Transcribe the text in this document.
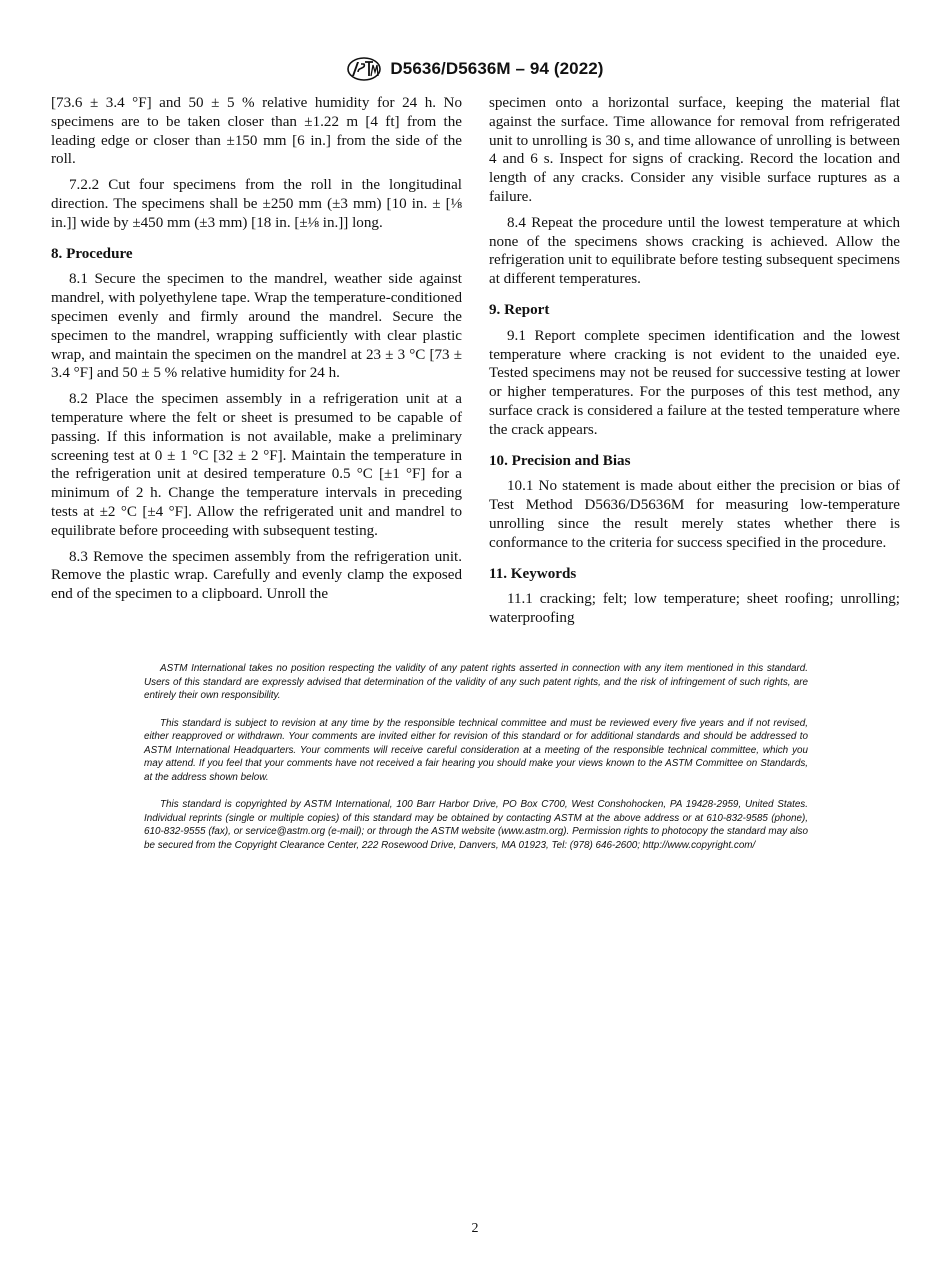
D5636/D5636M – 94 (2022)

[73.6 ± 3.4 °F] and 50 ± 5 % relative humidity for 24 h. No specimens are to be taken closer than ±1.22 m [4 ft] from the leading edge or closer than ±150 mm [6 in.] from the side of the roll.

7.2.2 Cut four specimens from the roll in the longitudinal direction. The specimens shall be ±250 mm (±3 mm) [10 in. ± [⅛ in.]] wide by ±450 mm (±3 mm) [18 in. [±⅛ in.]] long.

8. Procedure

8.1 Secure the specimen to the mandrel, weather side against mandrel, with polyethylene tape. Wrap the temperature-conditioned specimen evenly and firmly around the mandrel. Secure the specimen to the mandrel, wrapping sufficiently with clear plastic wrap, and maintain the specimen on the mandrel at 23 ± 3 °C [73 ± 3.4 °F] and 50 ± 5 % relative humidity for 24 h.

8.2 Place the specimen assembly in a refrigeration unit at a temperature where the felt or sheet is presumed to be capable of passing. If this information is not available, make a preliminary screening test at 0 ± 1 °C [32 ± 2 °F]. Maintain the temperature in the refrigeration unit at desired temperature 0.5 °C [±1 °F] for a minimum of 2 h. Change the temperature intervals in preceding tests at ±2 °C [±4 °F]. Allow the refrigerated unit and mandrel to equilibrate before proceeding with subsequent testing.

8.3 Remove the specimen assembly from the refrigeration unit. Remove the plastic wrap. Carefully and evenly clamp the exposed end of the specimen to a clipboard. Unroll the

specimen onto a horizontal surface, keeping the material flat against the surface. Time allowance for removal from refrigerated unit to unrolling is 30 s, and time allowance of unrolling is between 4 and 6 s. Inspect for signs of cracking. Record the location and length of any cracks. Consider any visible surface ruptures as a failure.

8.4 Repeat the procedure until the lowest temperature at which none of the specimens shows cracking is achieved. Allow the refrigeration unit to equilibrate before testing subsequent specimens at different temperatures.

9. Report

9.1 Report complete specimen identification and the lowest temperature where cracking is not evident to the unaided eye. Tested specimens may not be reused for successive testing at lower or higher temperatures. For the purposes of this test method, any surface crack is considered a failure at the tested temperature where the crack appears.

10. Precision and Bias

10.1 No statement is made about either the precision or bias of Test Method D5636/D5636M for measuring low-temperature unrolling since the result merely states whether there is conformance to the criteria for success specified in the procedure.

11. Keywords

11.1 cracking; felt; low temperature; sheet roofing; unrolling; waterproofing

ASTM International takes no position respecting the validity of any patent rights asserted in connection with any item mentioned in this standard. Users of this standard are expressly advised that determination of the validity of any such patent rights, and the risk of infringement of such rights, are entirely their own responsibility.

This standard is subject to revision at any time by the responsible technical committee and must be reviewed every five years and if not revised, either reapproved or withdrawn. Your comments are invited either for revision of this standard or for additional standards and should be addressed to ASTM International Headquarters. Your comments will receive careful consideration at a meeting of the responsible technical committee, which you may attend. If you feel that your comments have not received a fair hearing you should make your views known to the ASTM Committee on Standards, at the address shown below.

This standard is copyrighted by ASTM International, 100 Barr Harbor Drive, PO Box C700, West Conshohocken, PA 19428-2959, United States. Individual reprints (single or multiple copies) of this standard may be obtained by contacting ASTM at the above address or at 610-832-9585 (phone), 610-832-9555 (fax), or service@astm.org (e-mail); or through the ASTM website (www.astm.org). Permission rights to photocopy the standard may also be secured from the Copyright Clearance Center, 222 Rosewood Drive, Danvers, MA 01923, Tel: (978) 646-2600; http://www.copyright.com/

2
